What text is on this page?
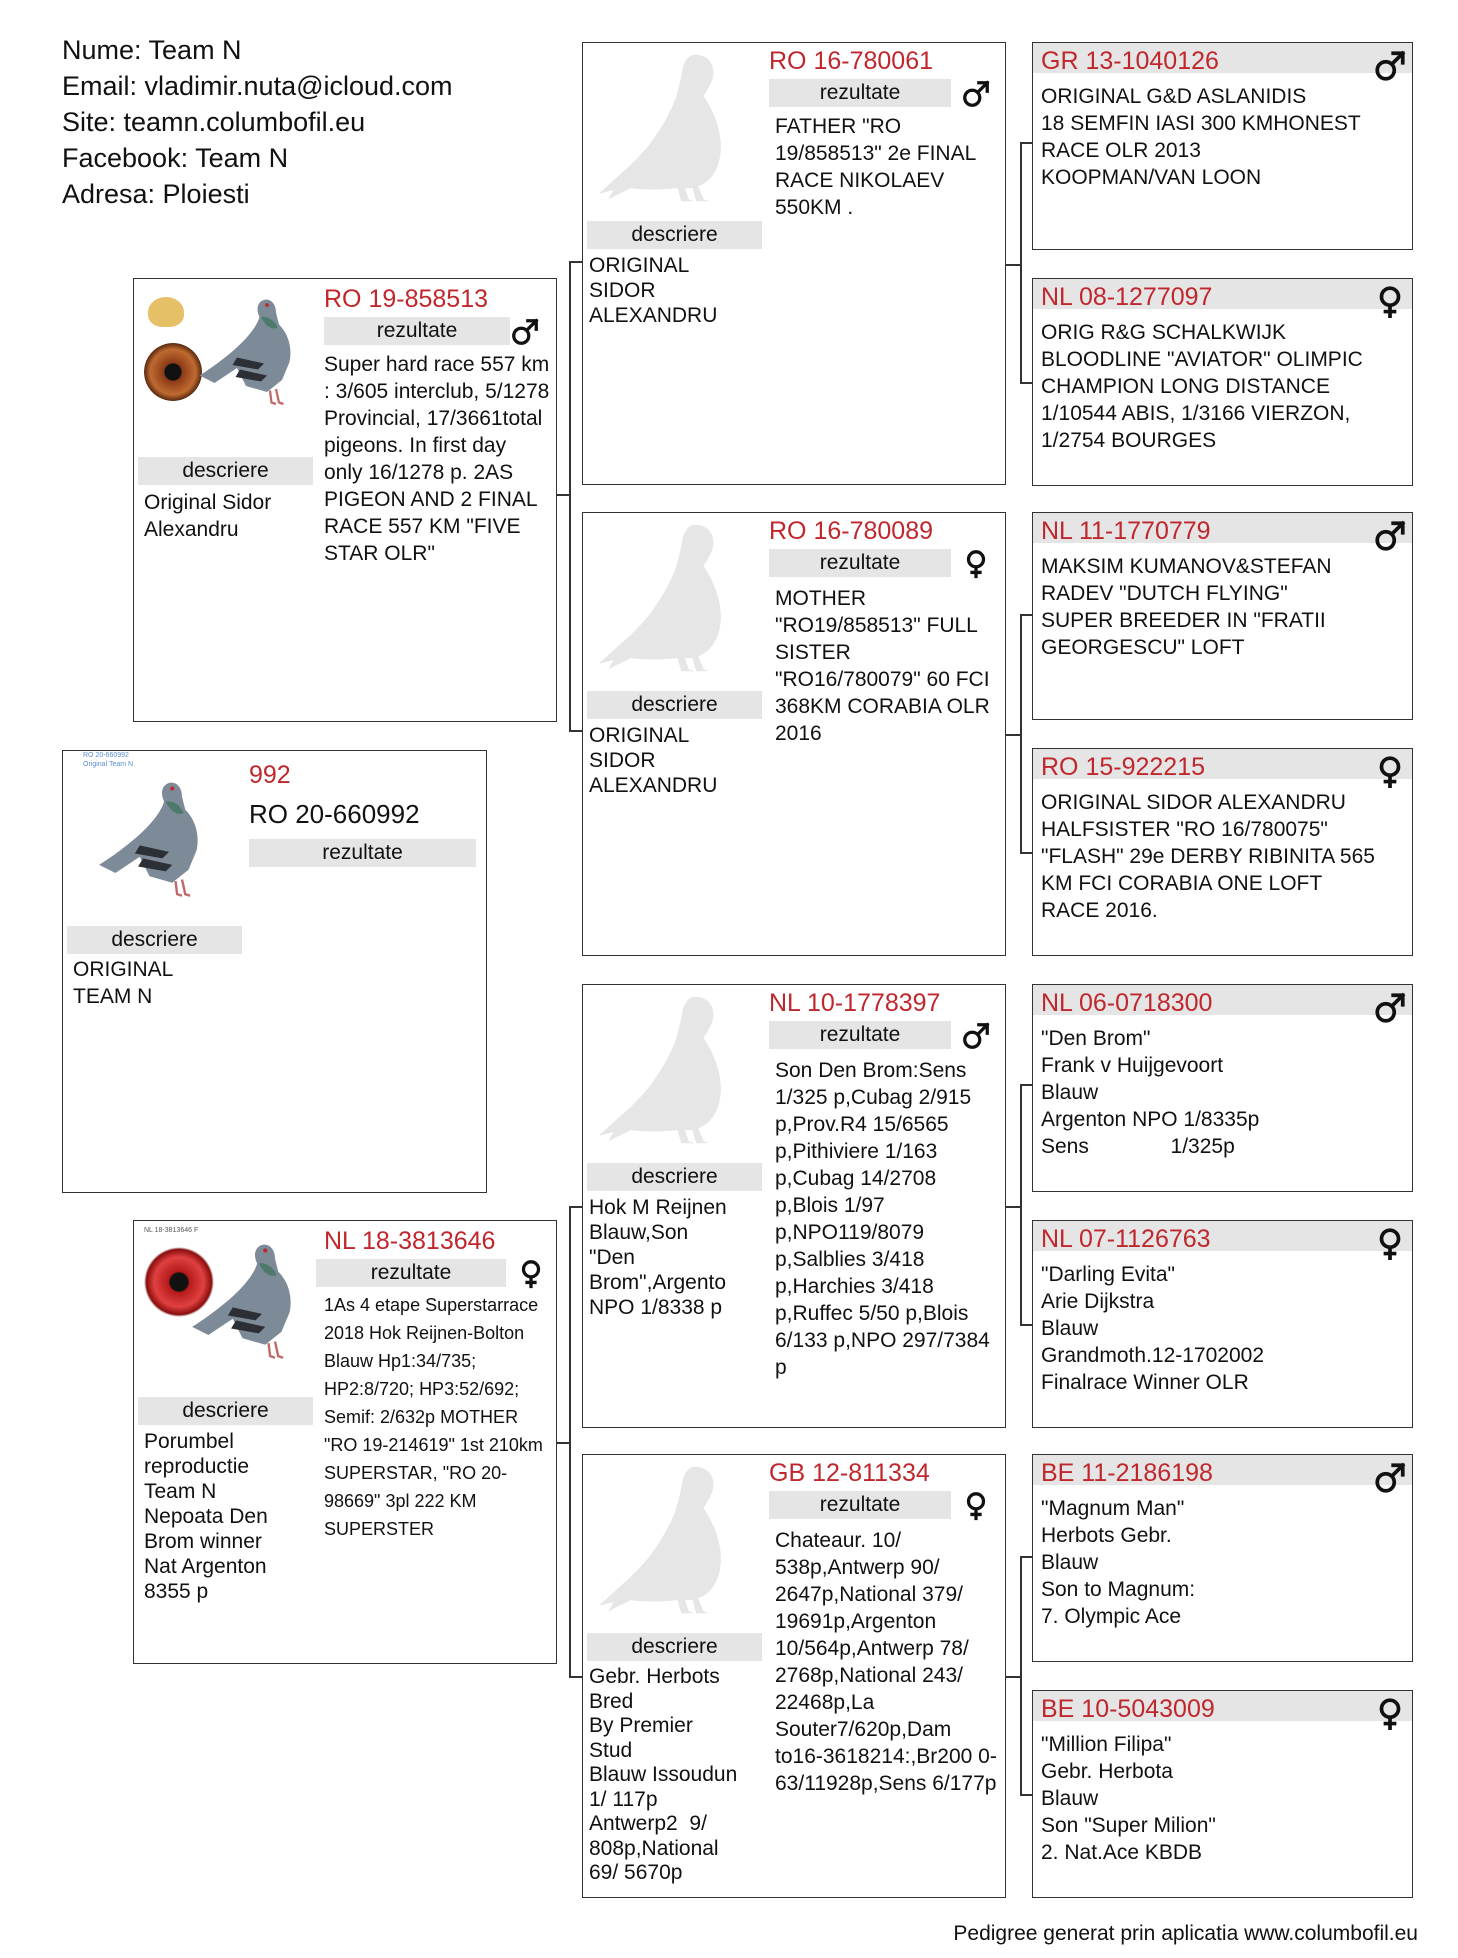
Nume: Team N
Email: vladimir.nuta@icloud.com
Site: teamn.columbofil.eu
Facebook: Team N
Adresa: Ploiesti
RO 20-660992
Original Team N	992
RO 20-660992
rezultate
descriere
ORIGINAL
TEAM N
RO 19-858513
rezultate
Super hard race 557 km : 3/605 interclub, 5/1278 Provincial, 17/3661total pigeons. In first day only 16/1278 p. 2AS PIGEON AND 2 FINAL RACE 557 KM "FIVE STAR OLR"
descriere
Original Sidor
Alexandru
NL 18-3813646 F	NL 18-3813646
rezultate
1As 4 etape Superstarrace 2018 Hok Reijnen-Bolton Blauw Hp1:34/735; HP2:8/720; HP3:52/692; Semif: 2/632p MOTHER "RO 19-214619" 1st 210km SUPERSTAR, "RO 20-98669" 3pl 222 KM SUPERSTER
descriere
Porumbel
reproductie
Team N
Nepoata Den
Brom winner
Nat Argenton
8355 p
RO 16-780061
rezultate
FATHER "RO 19/858513" 2e FINAL RACE NIKOLAEV 550KM .
descriere
ORIGINAL
SIDOR
ALEXANDRU
RO 16-780089
rezultate
MOTHER "RO19/858513" FULL SISTER "RO16/780079" 60 FCI 368KM CORABIA OLR 2016
descriere
ORIGINAL
SIDOR
ALEXANDRU
NL 10-1778397
rezultate
Son Den Brom:Sens 1/325 p,Cubag 2/915 p,Prov.R4 15/6565 p,Pithiviere 1/163 p,Cubag 14/2708 p,Blois 1/97 p,NPO119/8079 p,Salblies 3/418 p,Harchies 3/418 p,Ruffec 5/50 p,Blois 6/133 p,NPO 297/7384 p
descriere
Hok M Reijnen
Blauw,Son
"Den
Brom",Argento
NPO 1/8338 p
GB 12-811334
rezultate
Chateaur. 10/ 538p,Antwerp 90/ 2647p,National 379/ 19691p,Argenton 10/564p,Antwerp 78/ 2768p,National 243/ 22468p,La Souter7/620p,Dam to16-3618214:,Br200 0-63/11928p,Sens 6/177p
descriere
Gebr. Herbots
Bred
By Premier
Stud
Blauw Issoudun
1/ 117p
Antwerp2  9/
808p,National
69/ 5670p
GR 13-1040126
ORIGINAL G&D ASLANIDIS
18 SEMFIN IASI 300 KMHONEST
RACE OLR 2013
KOOPMAN/VAN LOON
NL 08-1277097
ORIG R&G SCHALKWIJK
BLOODLINE "AVIATOR" OLIMPIC
CHAMPION LONG DISTANCE
1/10544 ABIS, 1/3166 VIERZON,
1/2754 BOURGES
NL 11-1770779
MAKSIM KUMANOV&STEFAN
RADEV "DUTCH FLYING"
SUPER BREEDER IN "FRATII
GEORGESCU" LOFT
RO 15-922215
ORIGINAL SIDOR ALEXANDRU
HALFSISTER "RO 16/780075"
"FLASH" 29e DERBY RIBINITA 565
KM FCI CORABIA ONE LOFT
RACE 2016.
NL 06-0718300
"Den Brom"
Frank v Huijgevoort
Blauw
Argenton NPO 1/8335p
Sens              1/325p
NL 07-1126763
"Darling Evita"
Arie Dijkstra
Blauw
Grandmoth.12-1702002
Finalrace Winner OLR
BE 11-2186198
"Magnum Man"
Herbots Gebr.
Blauw
Son to Magnum:
7. Olympic Ace
BE 10-5043009
"Million Filipa"
Gebr. Herbota
Blauw
Son "Super Milion"
2. Nat.Ace KBDB
Pedigree generat prin aplicatia www.columbofil.eu
